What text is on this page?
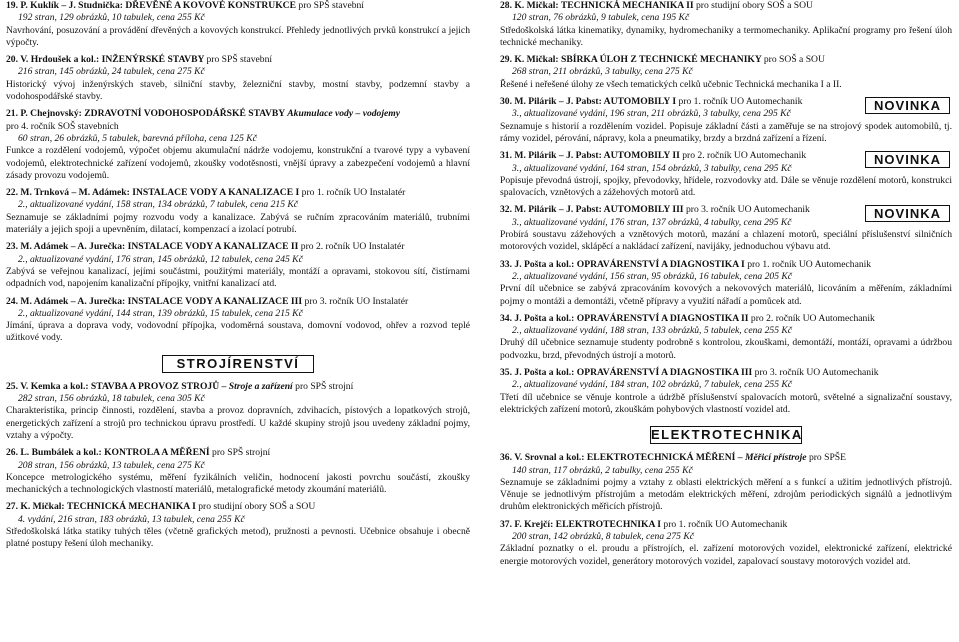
19. P. Kuklík – J. Studnička: DŘEVĚNÉ A KOVOVÉ KONSTRUKCE pro SPŠ stavební
192 stran, 129 obrázků, 10 tabulek, cena 255 Kč
Navrhování, posuzování a provádění dřevěných a kovových konstrukcí. Přehledy jednotlivých prvků konstrukcí a jejich výpočty.
20. V. Hrdoušek a kol.: INŽENÝRSKÉ STAVBY pro SPŠ stavební
216 stran, 145 obrázků, 24 tabulek, cena 275 Kč
Historický vývoj inženýrských staveb, silniční stavby, železniční stavby, mostní stavby, podzemní stavby a vodohospodářské stavby.
21. P. Chejnovský: ZDRAVOTNÍ VODOHOSPODÁŘSKÉ STAVBY Akumulace vody – vodojemy
pro 4. ročník SOŠ stavebních
60 stran, 26 obrázků, 5 tabulek, barevná příloha, cena 125 Kč
Funkce a rozdělení vodojemů, výpočet objemu akumulační nádrže vodojemu, konstrukční a tvarové typy a vybavení vodojemů, elektrotechnické zařízení vodojemů, zkoušky vodotěsnosti, vnější úpravy a zabezpečení vodojemů a hlavní zásady provozu vodojemů.
22. M. Trnková – M. Adámek: INSTALACE VODY A KANALIZACE I pro 1. ročník UO Instalatér
2., aktualizované vydání, 158 stran, 134 obrázků, 7 tabulek, cena 215 Kč
Seznamuje se základními pojmy rozvodu vody a kanalizace. Zabývá se ručním zpracováním materiálů, trubními materiály a jejich spoji a upevněním, dilatací, kompenzací a izolací potrubí.
23. M. Adámek – A. Jurečka: INSTALACE VODY A KANALIZACE II pro 2. ročník UO Instalatér
2., aktualizované vydání, 176 stran, 145 obrázků, 12 tabulek, cena 245 Kč
Zabývá se veřejnou kanalizací, jejími součástmi, použitými materiály, montáží a opravami, stokovou sítí, čistírnami odpadních vod, napojením kanalizační přípojky, vnitřní kanalizací atd.
24. M. Adámek – A. Jurečka: INSTALACE VODY A KANALIZACE III pro 3. ročník UO Instalatér
2., aktualizované vydání, 144 stran, 139 obrázků, 15 tabulek, cena 215 Kč
Jímání, úprava a doprava vody, vodovodní přípojka, vodoměrná soustava, domovní vodovod, ohřev a rozvod teplé užitkové vody.
STROJÍRENSTVÍ
25. V. Kemka a kol.: STAVBA A PROVOZ STROJŮ – Stroje a zařízení pro SPŠ strojní
282 stran, 156 obrázků, 18 tabulek, cena 305 Kč
Charakteristika, princip činnosti, rozdělení, stavba a provoz dopravních, zdvihacích, pístových a lopatkových strojů, energetických zařízení a strojů pro technickou úpravu prostředí. U každé skupiny strojů jsou uvedeny základní pojmy, vztahy a výpočty.
26. L. Bumbálek a kol.: KONTROLA A MĚŘENÍ pro SPŠ strojní
208 stran, 156 obrázků, 13 tabulek, cena 275 Kč
Koncepce metrologického systému, měření fyzikálních veličin, hodnocení jakosti povrchu součástí, zkoušky mechanických a technologických vlastností materiálů, metalografické metody zkoumání materiálů.
27. K. Mičkal: TECHNICKÁ MECHANIKA I pro studijní obory SOŠ a SOU
4. vydání, 216 stran, 183 obrázků, 13 tabulek, cena 255 Kč
Středoškolská látka statiky tuhých těles (včetně grafických metod), pružnosti a pevnosti. Učebnice obsahuje i obecně platné postupy řešení úloh mechaniky.
28. K. Mičkal: TECHNICKÁ MECHANIKA II pro studijní obory SOŠ a SOU
120 stran, 76 obrázků, 9 tabulek, cena 195 Kč
Středoškolská látka kinematiky, dynamiky, hydromechaniky a termomechaniky. Aplikační programy pro řešení úloh technické mechaniky.
29. K. Mičkal: SBÍRKA ÚLOH Z TECHNICKÉ MECHANIKY pro SOŠ a SOU
268 stran, 211 obrázků, 3 tabulky, cena 275 Kč
Řešené i neřešené úlohy ze všech tematických celků učebnic Technická mechanika I a II.
NOVINKA
30. M. Pilárik – J. Pabst: AUTOMOBILY I pro 1. ročník UO Automechanik
3., aktualizované vydání, 196 stran, 211 obrázků, 3 tabulky, cena 295 Kč
Seznamuje s historií a rozdělením vozidel. Popisuje základní části a zaměřuje se na strojový spodek automobilů, tj. rámy vozidel, pérování, nápravy, kola a pneumatiky, brzdy a brzdná zařízení a řízení.
NOVINKA
31. M. Pilárik – J. Pabst: AUTOMOBILY II pro 2. ročník UO Automechanik
3., aktualizované vydání, 164 stran, 154 obrázků, 3 tabulky, cena 295 Kč
Popisuje převodná ústrojí, spojky, převodovky, hřídele, rozvodovky atd. Dále se věnuje rozdělení motorů, konstrukci spalovacích, vznětových a zážehových motorů atd.
NOVINKA
32. M. Pilárik – J. Pabst: AUTOMOBILY III pro 3. ročník UO Automechanik
3., aktualizované vydání, 176 stran, 137 obrázků, 4 tabulky, cena 295 Kč
Probírá soustavu zážehových a vznětových motorů, mazání a chlazení motorů, speciální příslušenství silničních motorových vozidel, sklápěcí a nakládací zařízení, navijáky, jednoduchou výbavu atd.
33. J. Pošta a kol.: OPRAVÁRENSTVÍ A DIAGNOSTIKA I pro 1. ročník UO Automechanik
2., aktualizované vydání, 156 stran, 95 obrázků, 16 tabulek, cena 205 Kč
První díl učebnice se zabývá zpracováním kovových a nekovových materiálů, licováním a měřením, základními pojmy o montáži a demontáži, včetně přípravy a využití nářadí a pomůcek atd.
34. J. Pošta a kol.: OPRAVÁRENSTVÍ A DIAGNOSTIKA II pro 2. ročník UO Automechanik
2., aktualizované vydání, 188 stran, 133 obrázků, 5 tabulek, cena 255 Kč
Druhý díl učebnice seznamuje studenty podrobně s kontrolou, zkouškami, demontáží, montáží, opravami a údržbou podvozku, brzd, převodných ústrojí a motorů.
35. J. Pošta a kol.: OPRAVÁRENSTVÍ A DIAGNOSTIKA III pro 3. ročník UO Automechanik
2., aktualizované vydání, 184 stran, 102 obrázků, 7 tabulek, cena 255 Kč
Třetí díl učebnice se věnuje kontrole a údržbě příslušenství spalovacích motorů, světelné a signalizační soustavy, elektrických zařízení motorů, zkouškám pohybových vlastností vozidel atd.
ELEKTROTECHNIKA
36. V. Srovnal a kol.: ELEKTROTECHNICKÁ MĚŘENÍ – Měřicí přístroje pro SPŠE
140 stran, 117 obrázků, 2 tabulky, cena 255 Kč
Seznamuje se základními pojmy a vztahy z oblasti elektrických měření a s funkcí a užitím jednotlivých přístrojů. Věnuje se jednotlivým přístrojům a metodám elektrických měření, zdrojům periodických signálů a jednotlivým druhům elektronických měřicích přístrojů.
37. F. Krejčí: ELEKTROTECHNIKA I pro 1. ročník UO Automechanik
200 stran, 142 obrázků, 8 tabulek, cena 275 Kč
Základní poznatky o el. proudu a přístrojích, el. zařízení motorových vozidel, elektronické zařízení, elektrické energie motorových vozidel, generátory motorových vozidel, zapalovací soustavy motorových vozidel atd.
